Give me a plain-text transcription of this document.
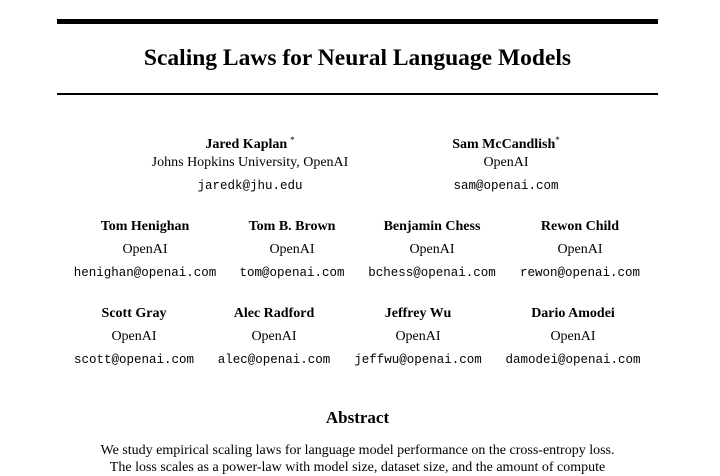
Scaling Laws for Neural Language Models
Jared Kaplan *
Johns Hopkins University, OpenAI
jaredk@jhu.edu
Sam McCandlish*
OpenAI
sam@openai.com
Tom Henighan
OpenAI
henighan@openai.com
Tom B. Brown
OpenAI
tom@openai.com
Benjamin Chess
OpenAI
bchess@openai.com
Rewon Child
OpenAI
rewon@openai.com
Scott Gray
OpenAI
scott@openai.com
Alec Radford
OpenAI
alec@openai.com
Jeffrey Wu
OpenAI
jeffwu@openai.com
Dario Amodei
OpenAI
damodei@openai.com
Abstract
We study empirical scaling laws for language model performance on the cross-entropy loss.
The loss scales as a power-law with model size, dataset size, and the amount of compute
